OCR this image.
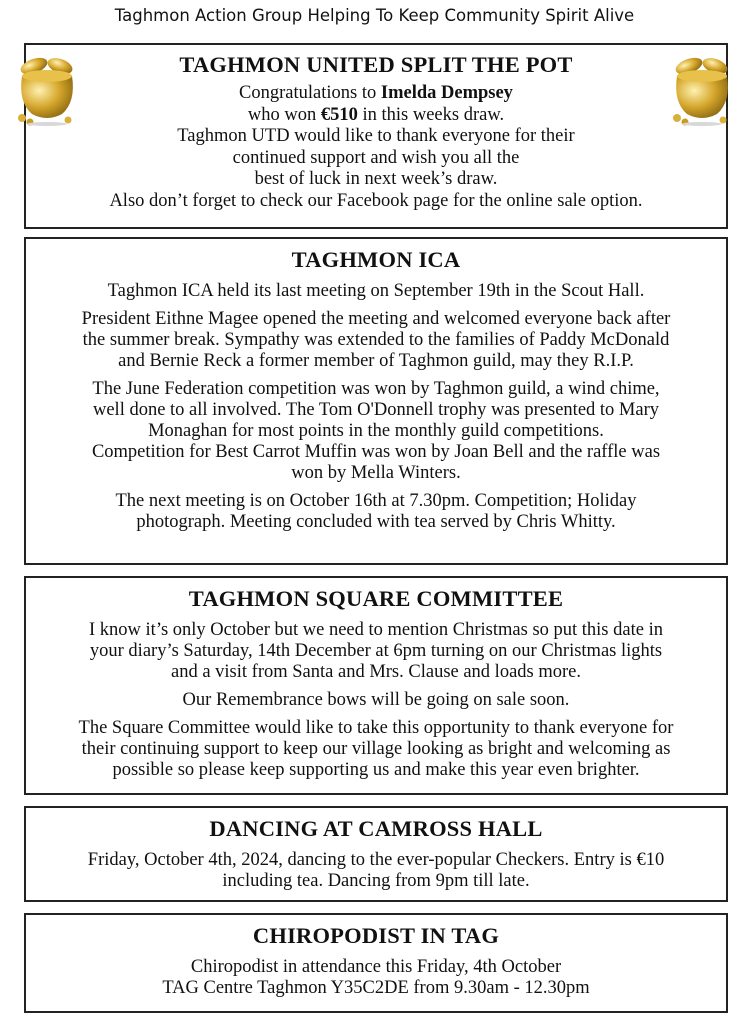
Taghmon Action Group Helping To Keep Community Spirit Alive
TAGHMON UNITED SPLIT THE POT

Congratulations to Imelda Dempsey

who won €510 in this weeks draw.

Taghmon UTD would like to thank everyone for their

continued support and wish you all the

best of luck in next week’s draw.

Also don’t forget to check our Facebook page for the online sale option.

TAGHMON ICA

Taghmon ICA held its last meeting on September 19th in the Scout Hall.

President Eithne Magee opened the meeting and welcomed everyone back after

the summer break. Sympathy was extended to the families of Paddy McDonald

and Bernie Reck a former member of Taghmon guild, may they R.I.P.

The June Federation competition was won by Taghmon guild, a wind chime,

well done to all involved. The Tom O'Donnell trophy was presented to Mary

Monaghan for most points in the monthly guild competitions.

Competition for Best Carrot Muffin was won by Joan Bell and the raffle was

won by Mella Winters.

The next meeting is on October 16th at 7.30pm. Competition; Holiday

photograph. Meeting concluded with tea served by Chris Whitty.

TAGHMON SQUARE COMMITTEE

I know it’s only October but we need to mention Christmas so put this date in

your diary’s Saturday, 14th December at 6pm turning on our Christmas lights

and a visit from Santa and Mrs. Clause and loads more.

Our Remembrance bows will be going on sale soon.

The Square Committee would like to take this opportunity to thank everyone for

their continuing support to keep our village looking as bright and welcoming as

possible so please keep supporting us and make this year even brighter.

DANCING AT CAMROSS HALL

Friday, October 4th, 2024, dancing to the ever-popular Checkers. Entry is €10

including tea. Dancing from 9pm till late.

CHIROPODIST IN TAG

Chiropodist in attendance this Friday, 4th October

TAG Centre Taghmon Y35C2DE from 9.30am - 12.30pm
